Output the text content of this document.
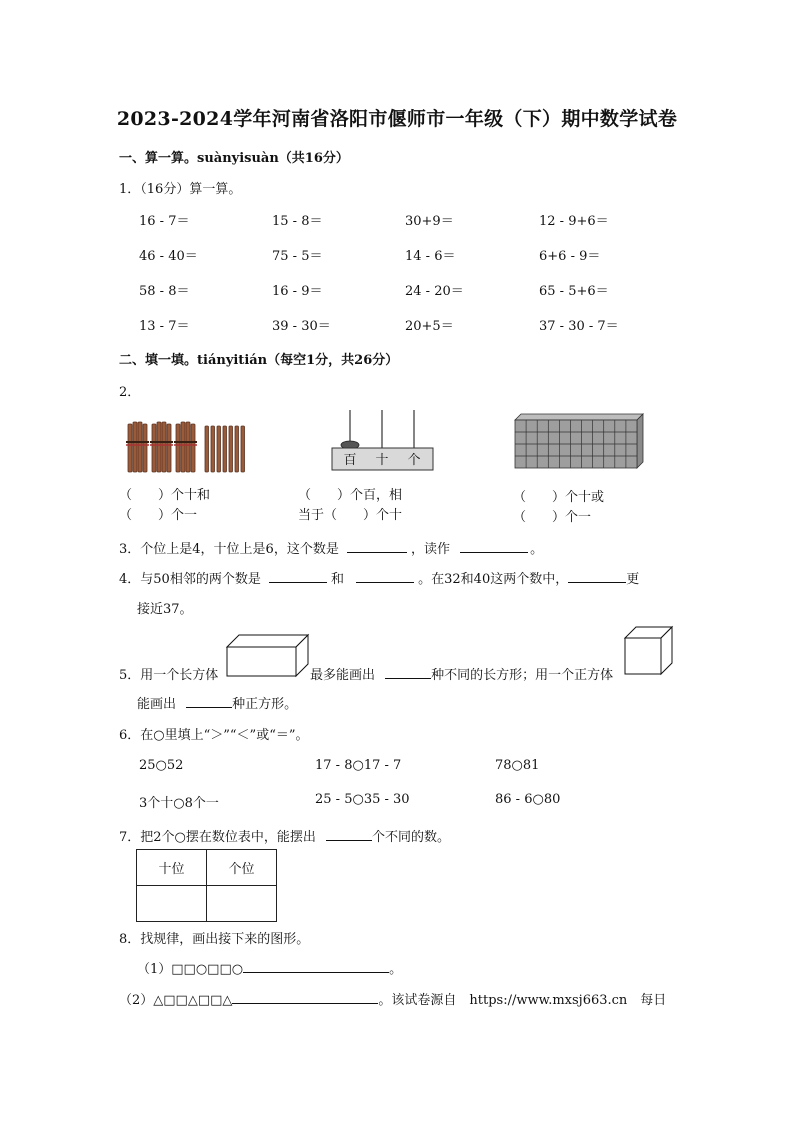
2023-2024学年河南省洛阳市偃师市一年级（下）期中数学试卷
一、算一算。suànyisuàn（共16分）
1．（16分）算一算。
16 - 7＝	15 - 8＝	30+9＝	12 - 9+6＝
46 - 40＝	75 - 5＝	14 - 6＝	6+6 - 9＝
58 - 8＝	16 - 9＝	24 - 20＝	65 - 5+6＝
13 - 7＝	39 - 30＝	20+5＝	37 - 30 - 7＝
二、填一填。tiányitián（每空1分，共26分）
2．
百 十 个
（　　）个十和
（　　）个一
（　　）个百，相
当于（　　）个十
（　　）个十或
（　　）个一
3．个位上是4，十位上是6，这个数是	，读作	。
4．与50相邻的两个数是	和	。在32和40这两个数中，	更
接近37。
5．用一个长方体	最多能画出	种不同的长方形；用一个正方体
能画出	种正方形。
6．在○里填上“＞”“＜”或“＝”。
25○52	17 - 8○17 - 7	78○81
3个十○8个一	25 - 5○35 - 30	86 - 6○80
7．把2个○摆在数位表中，能摆出	个不同的数。
十位	个位

8．找规律，画出接下来的图形。
（1）□□○□□○	。
（2）△□□△□□△	。该试卷源自　https://www.mxsj663.cn　每日
